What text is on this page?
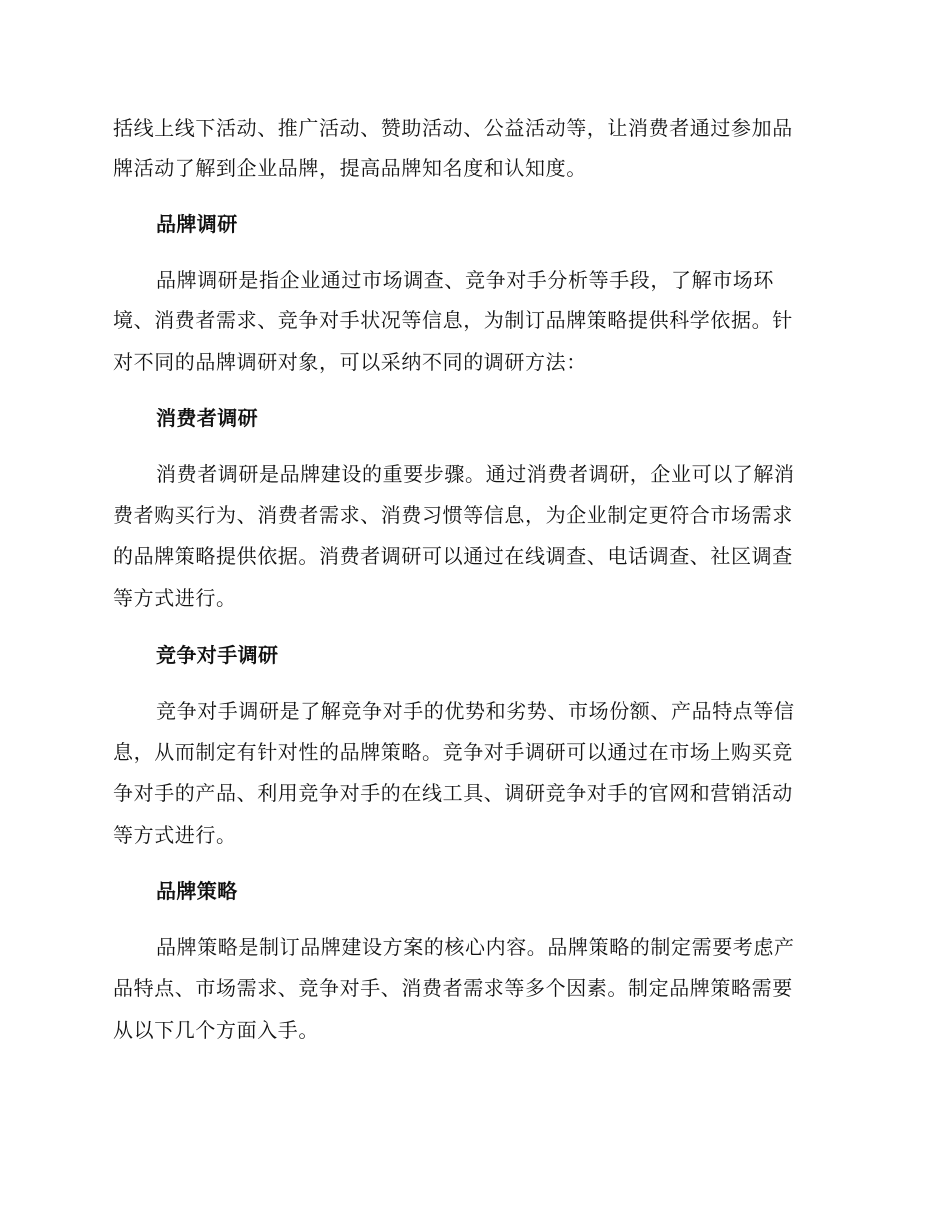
括线上线下活动、推广活动、赞助活动、公益活动等，让消费者通过参加品
牌活动了解到企业品牌，提高品牌知名度和认知度。
品牌调研
品牌调研是指企业通过市场调查、竞争对手分析等手段，了解市场环
境、消费者需求、竞争对手状况等信息，为制订品牌策略提供科学依据。针
对不同的品牌调研对象，可以采纳不同的调研方法：
消费者调研
消费者调研是品牌建设的重要步骤。通过消费者调研，企业可以了解消
费者购买行为、消费者需求、消费习惯等信息，为企业制定更符合市场需求
的品牌策略提供依据。消费者调研可以通过在线调查、电话调查、社区调查
等方式进行。
竞争对手调研
竞争对手调研是了解竞争对手的优势和劣势、市场份额、产品特点等信
息，从而制定有针对性的品牌策略。竞争对手调研可以通过在市场上购买竞
争对手的产品、利用竞争对手的在线工具、调研竞争对手的官网和营销活动
等方式进行。
品牌策略
品牌策略是制订品牌建设方案的核心内容。品牌策略的制定需要考虑产
品特点、市场需求、竞争对手、消费者需求等多个因素。制定品牌策略需要
从以下几个方面入手。
